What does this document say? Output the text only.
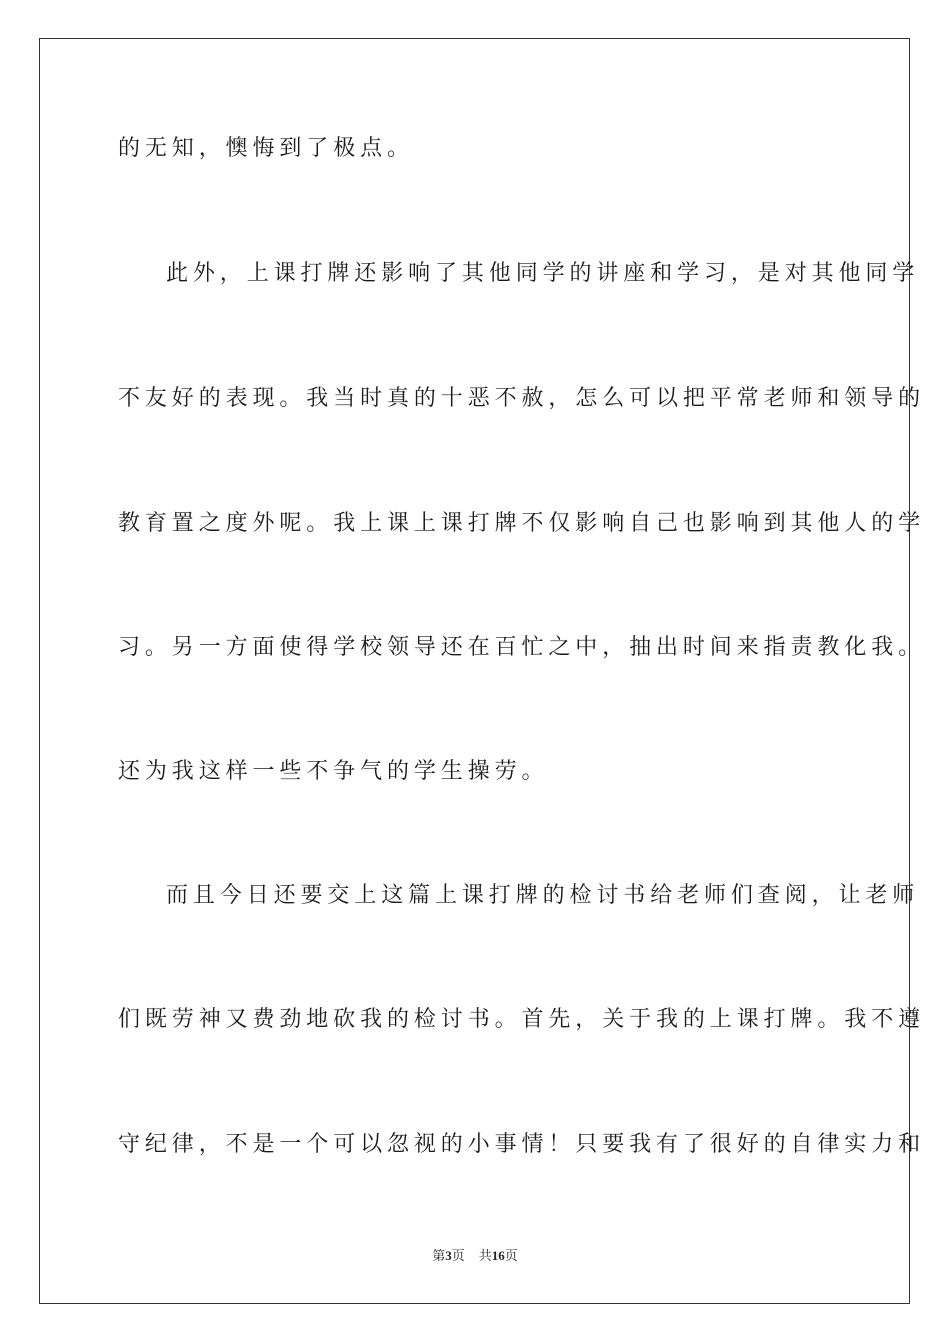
的无知，懊悔到了极点。
此外，上课打牌还影响了其他同学的讲座和学习，是对其他同学
不友好的表现。我当时真的十恶不赦，怎么可以把平常老师和领导的
教育置之度外呢。我上课上课打牌不仅影响自己也影响到其他人的学
习。另一方面使得学校领导还在百忙之中，抽出时间来指责教化我。
还为我这样一些不争气的学生操劳。
而且今日还要交上这篇上课打牌的检讨书给老师们查阅，让老师
们既劳神又费劲地砍我的检讨书。首先，关于我的上课打牌。我不遵
守纪律，不是一个可以忽视的小事情！只要我有了很好的自律实力和
第3页 共16页
